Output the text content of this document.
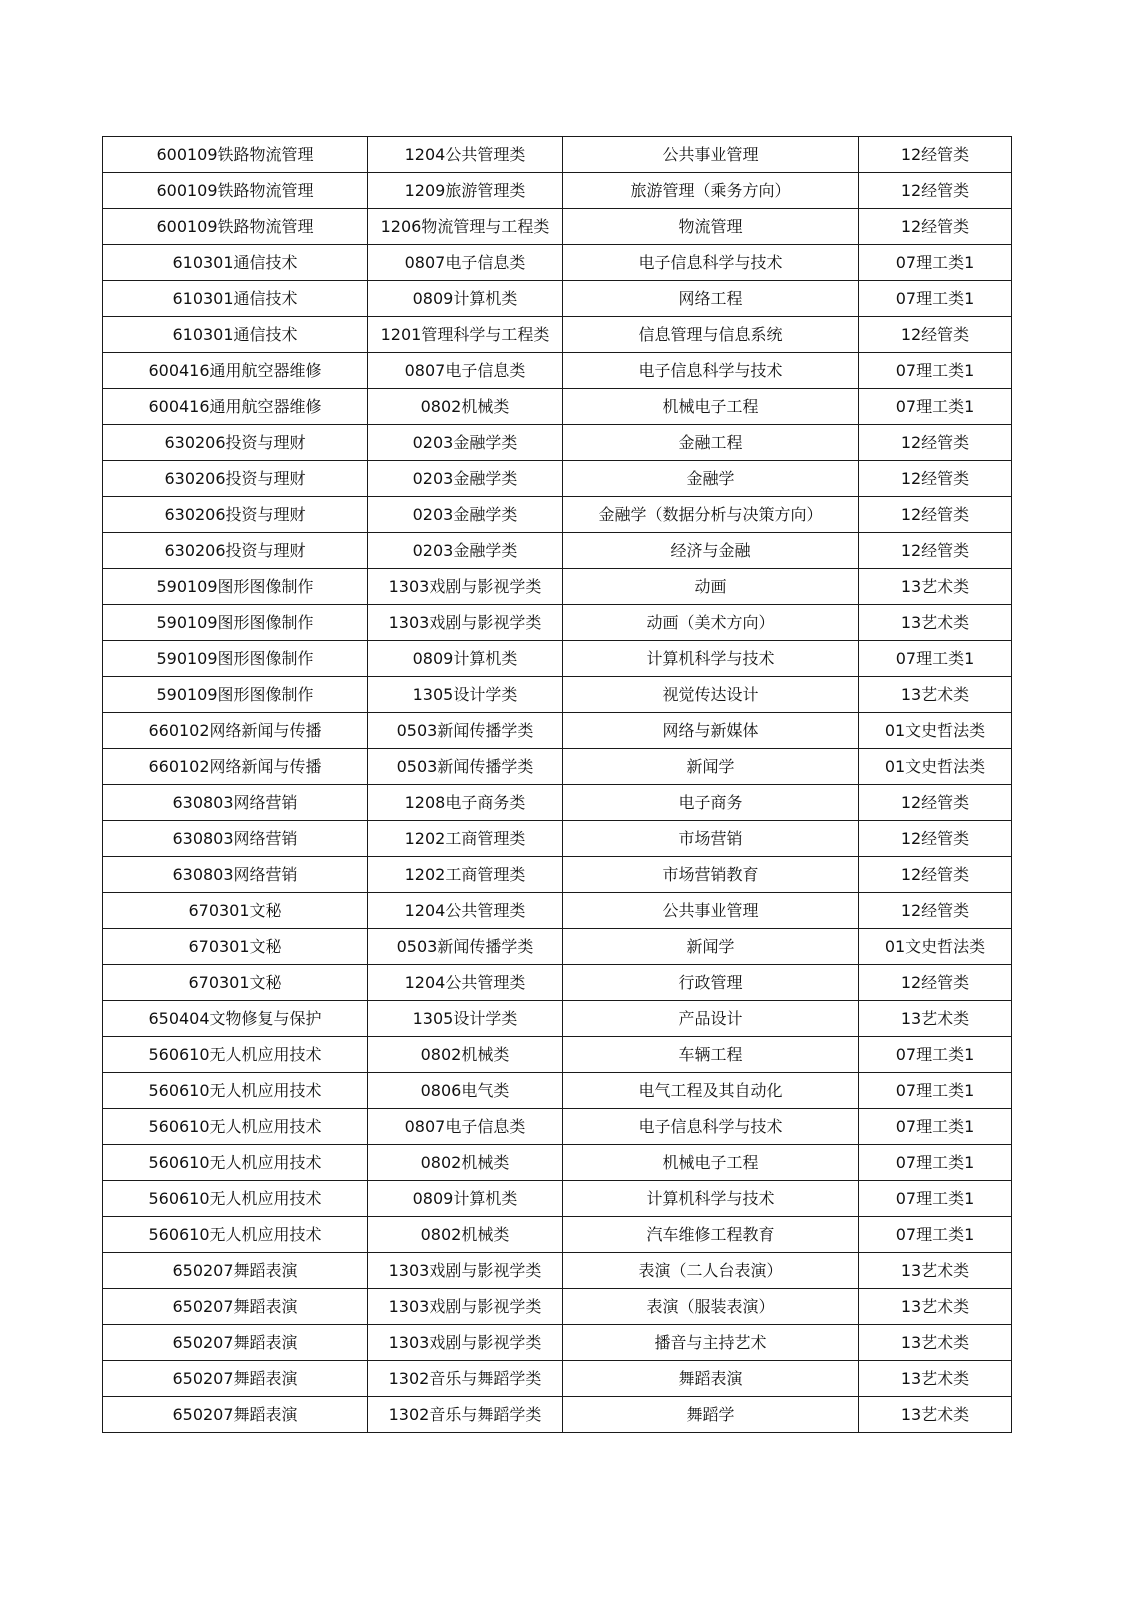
600109铁路物流管理	1204公共管理类	公共事业管理	12经管类
600109铁路物流管理	1209旅游管理类	旅游管理（乘务方向）	12经管类
600109铁路物流管理	1206物流管理与工程类	物流管理	12经管类
610301通信技术	0807电子信息类	电子信息科学与技术	07理工类1
610301通信技术	0809计算机类	网络工程	07理工类1
610301通信技术	1201管理科学与工程类	信息管理与信息系统	12经管类
600416通用航空器维修	0807电子信息类	电子信息科学与技术	07理工类1
600416通用航空器维修	0802机械类	机械电子工程	07理工类1
630206投资与理财	0203金融学类	金融工程	12经管类
630206投资与理财	0203金融学类	金融学	12经管类
630206投资与理财	0203金融学类	金融学（数据分析与决策方向）	12经管类
630206投资与理财	0203金融学类	经济与金融	12经管类
590109图形图像制作	1303戏剧与影视学类	动画	13艺术类
590109图形图像制作	1303戏剧与影视学类	动画（美术方向）	13艺术类
590109图形图像制作	0809计算机类	计算机科学与技术	07理工类1
590109图形图像制作	1305设计学类	视觉传达设计	13艺术类
660102网络新闻与传播	0503新闻传播学类	网络与新媒体	01文史哲法类
660102网络新闻与传播	0503新闻传播学类	新闻学	01文史哲法类
630803网络营销	1208电子商务类	电子商务	12经管类
630803网络营销	1202工商管理类	市场营销	12经管类
630803网络营销	1202工商管理类	市场营销教育	12经管类
670301文秘	1204公共管理类	公共事业管理	12经管类
670301文秘	0503新闻传播学类	新闻学	01文史哲法类
670301文秘	1204公共管理类	行政管理	12经管类
650404文物修复与保护	1305设计学类	产品设计	13艺术类
560610无人机应用技术	0802机械类	车辆工程	07理工类1
560610无人机应用技术	0806电气类	电气工程及其自动化	07理工类1
560610无人机应用技术	0807电子信息类	电子信息科学与技术	07理工类1
560610无人机应用技术	0802机械类	机械电子工程	07理工类1
560610无人机应用技术	0809计算机类	计算机科学与技术	07理工类1
560610无人机应用技术	0802机械类	汽车维修工程教育	07理工类1
650207舞蹈表演	1303戏剧与影视学类	表演（二人台表演）	13艺术类
650207舞蹈表演	1303戏剧与影视学类	表演（服装表演）	13艺术类
650207舞蹈表演	1303戏剧与影视学类	播音与主持艺术	13艺术类
650207舞蹈表演	1302音乐与舞蹈学类	舞蹈表演	13艺术类
650207舞蹈表演	1302音乐与舞蹈学类	舞蹈学	13艺术类
